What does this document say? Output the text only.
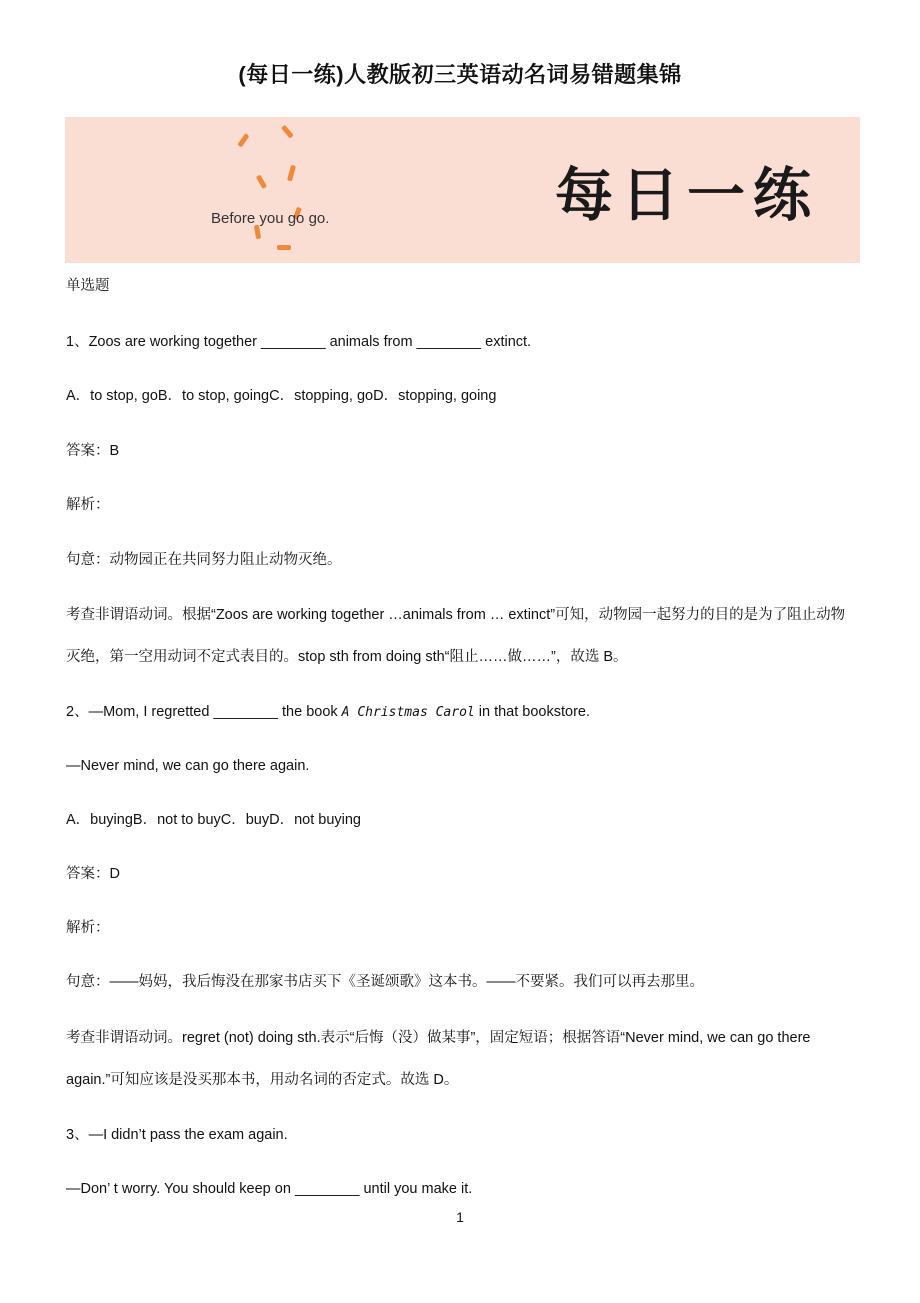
(每日一练)人教版初三英语动名词易错题集锦
Before you go go.	每日一练
单选题
1、Zoos are working together ________ animals from ________ extinct.
A．to stop, goB．to stop, goingC．stopping, goD．stopping, going
答案：B
解析：
句意：动物园正在共同努力阻止动物灭绝。
考查非谓语动词。根据“Zoos are working together …animals from … extinct”可知，动物园一起努力的目的是为了阻止动物灭绝，第一空用动词不定式表目的。stop sth from doing sth“阻止……做……”，故选 B。
2、—Mom, I regretted ________ the book A Christmas Carol in that bookstore.
—Never mind, we can go there again.
A．buyingB．not to buyC．buyD．not buying
答案：D
解析：
句意：——妈妈，我后悔没在那家书店买下《圣诞颂歌》这本书。——不要紧。我们可以再去那里。
考查非谓语动词。regret (not) doing sth.表示“后悔（没）做某事”，固定短语；根据答语“Never mind, we can go there again.”可知应该是没买那本书，用动名词的否定式。故选 D。
3、—I didn’t pass the exam again.
—Don’ t worry. You should keep on ________ until you make it.
1
